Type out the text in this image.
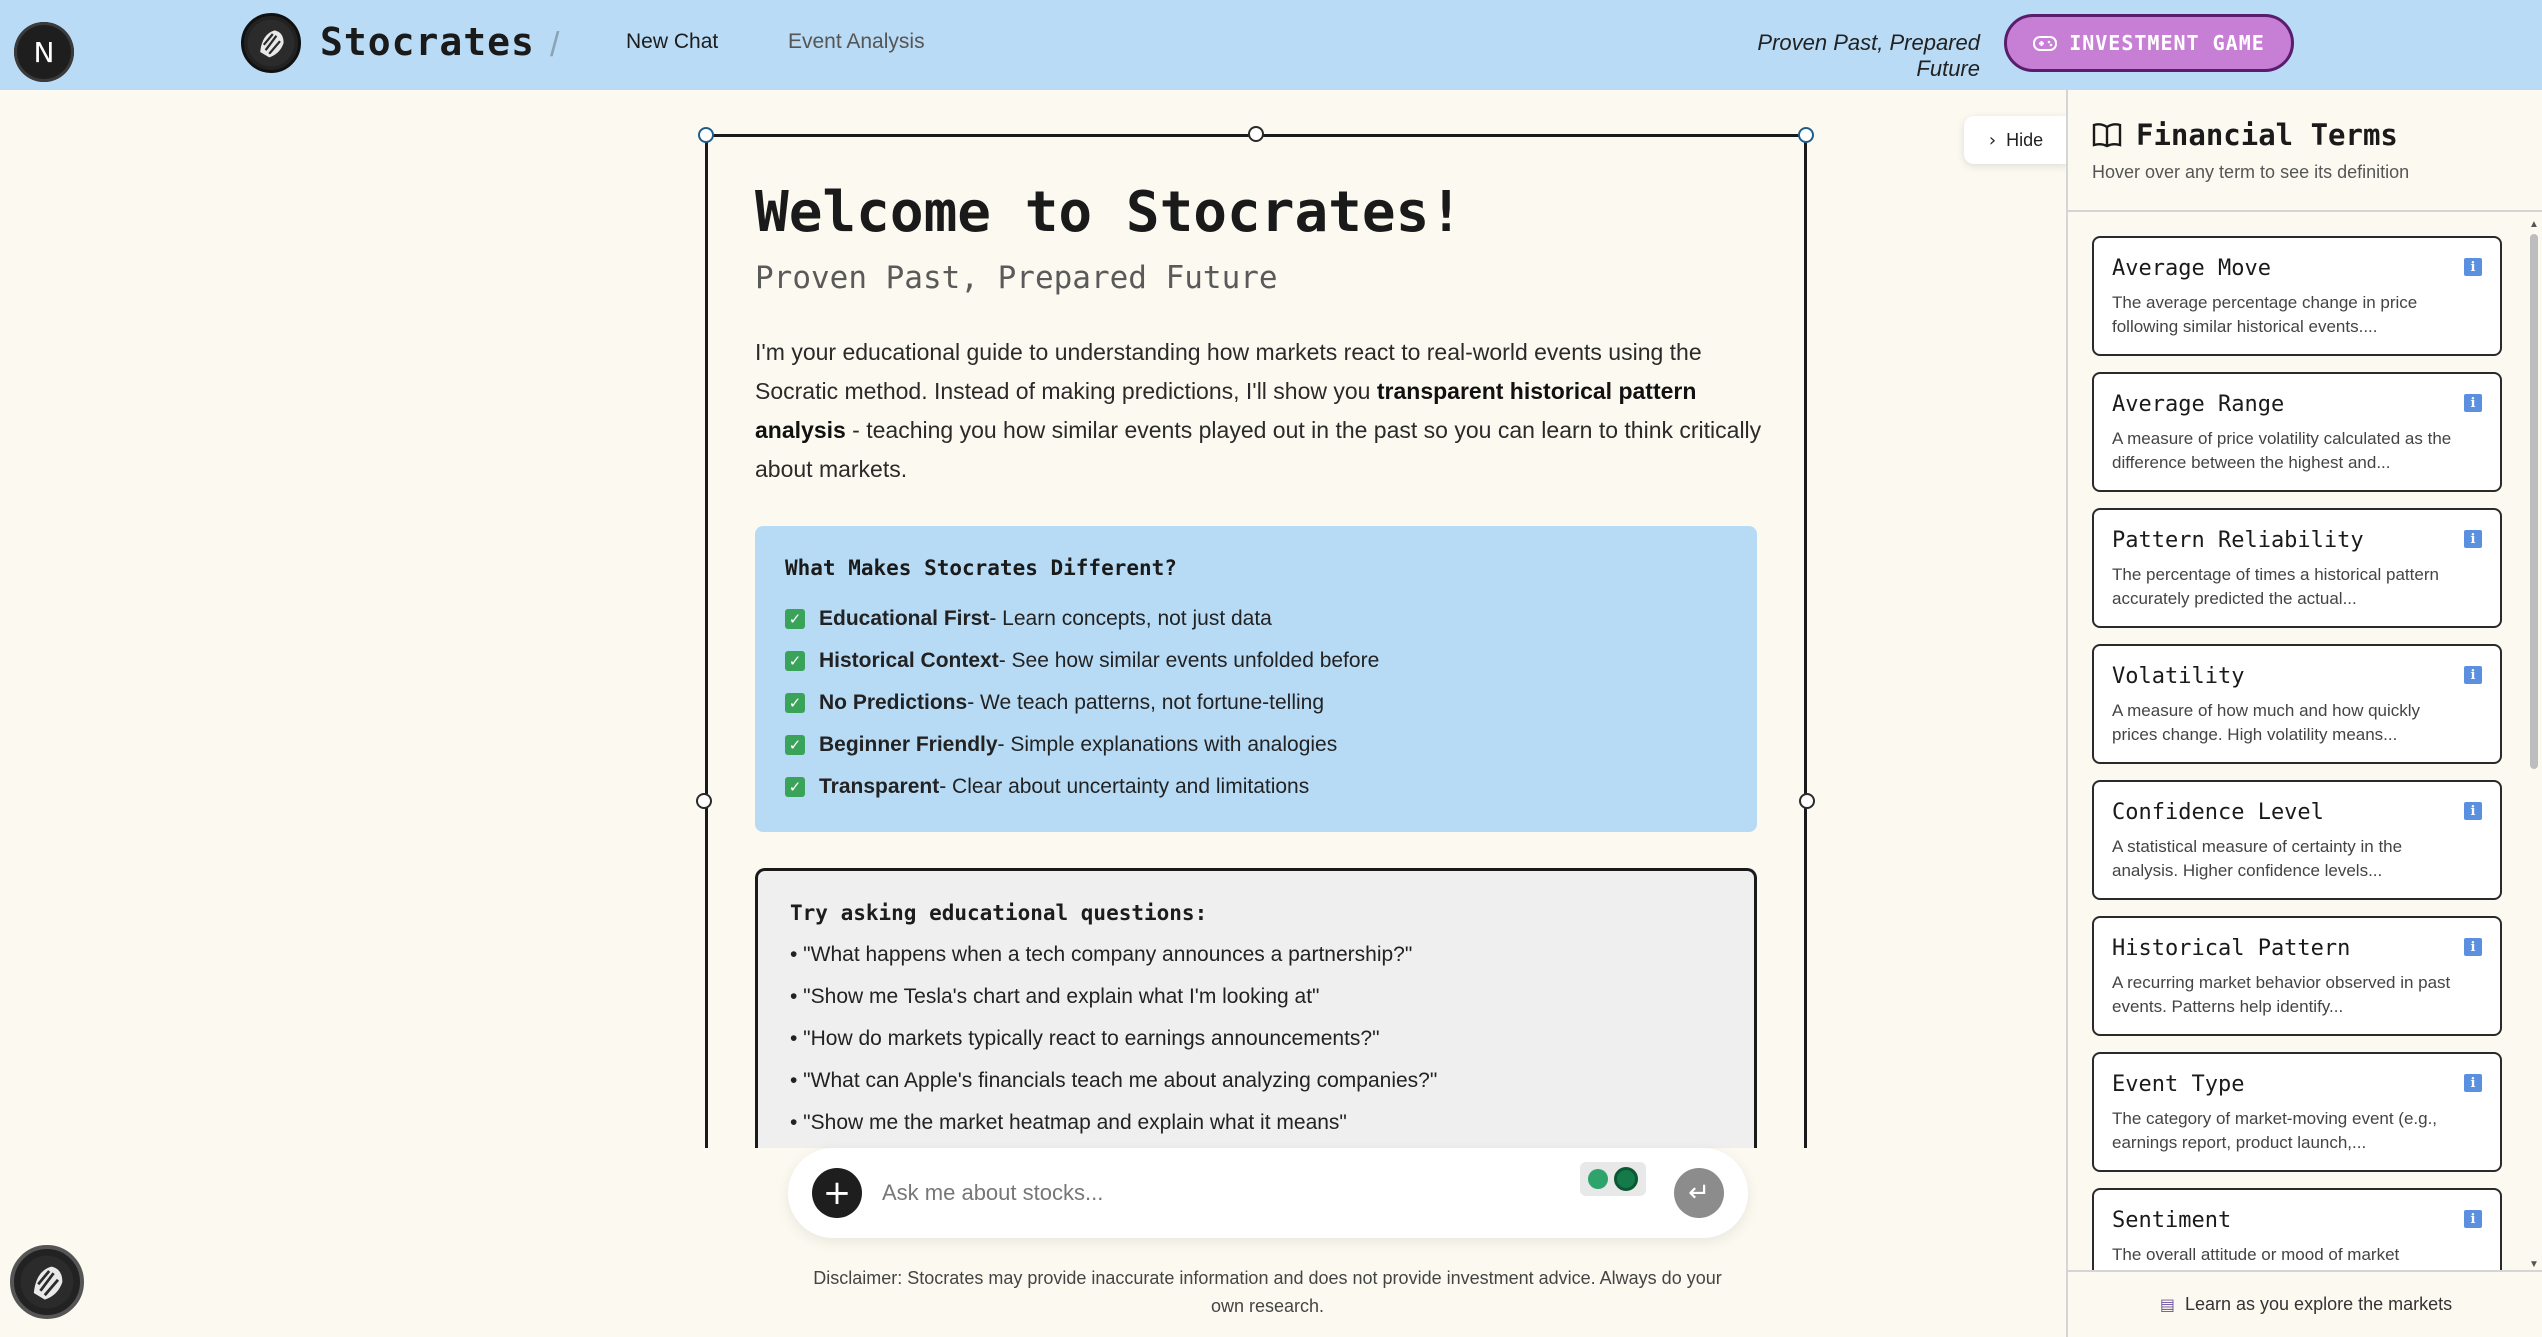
N	Stocrates /	New Chat	Event Analysis	Proven Past, Prepared Future
INVESTMENT GAME
Welcome to Stocrates!
Proven Past, Prepared Future
I'm your educational guide to understanding how markets react to real-world events using the Socratic method. Instead of making predictions, I'll show you transparent historical pattern analysis - teaching you how similar events played out in the past so you can learn to think critically about markets.
What Makes Stocrates Different?
✓ Educational First - Learn concepts, not just data
✓ Historical Context - See how similar events unfolded before
✓ No Predictions - We teach patterns, not fortune-telling
✓ Beginner Friendly - Simple explanations with analogies
✓ Transparent - Clear about uncertainty and limitations
Try asking educational questions:
• "What happens when a tech company announces a partnership?"
• "Show me Tesla's chart and explain what I'm looking at"
• "How do markets typically react to earnings announcements?"
• "What can Apple's financials teach me about analyzing companies?"
• "Show me the market heatmap and explain what it means"
+
Ask me about stocks...	↵
Disclaimer: Stocrates may provide inaccurate information and does not provide investment advice. Always do your own research.
› Hide	Financial Terms
Hover over any term to see its definition
Average Move
The average percentage change in price following similar historical events....
i
Average Range
A measure of price volatility calculated as the difference between the highest and...
i
Pattern Reliability
The percentage of times a historical pattern accurately predicted the actual...
i
Volatility
A measure of how much and how quickly prices change. High volatility means...
i
Confidence Level
A statistical measure of certainty in the analysis. Higher confidence levels...
i
Historical Pattern
A recurring market behavior observed in past events. Patterns help identify...
i
Event Type
The category of market-moving event (e.g., earnings report, product launch,...
i
Sentiment
The overall attitude or mood of market
i
▲
▼
▤ Learn as you explore the markets
